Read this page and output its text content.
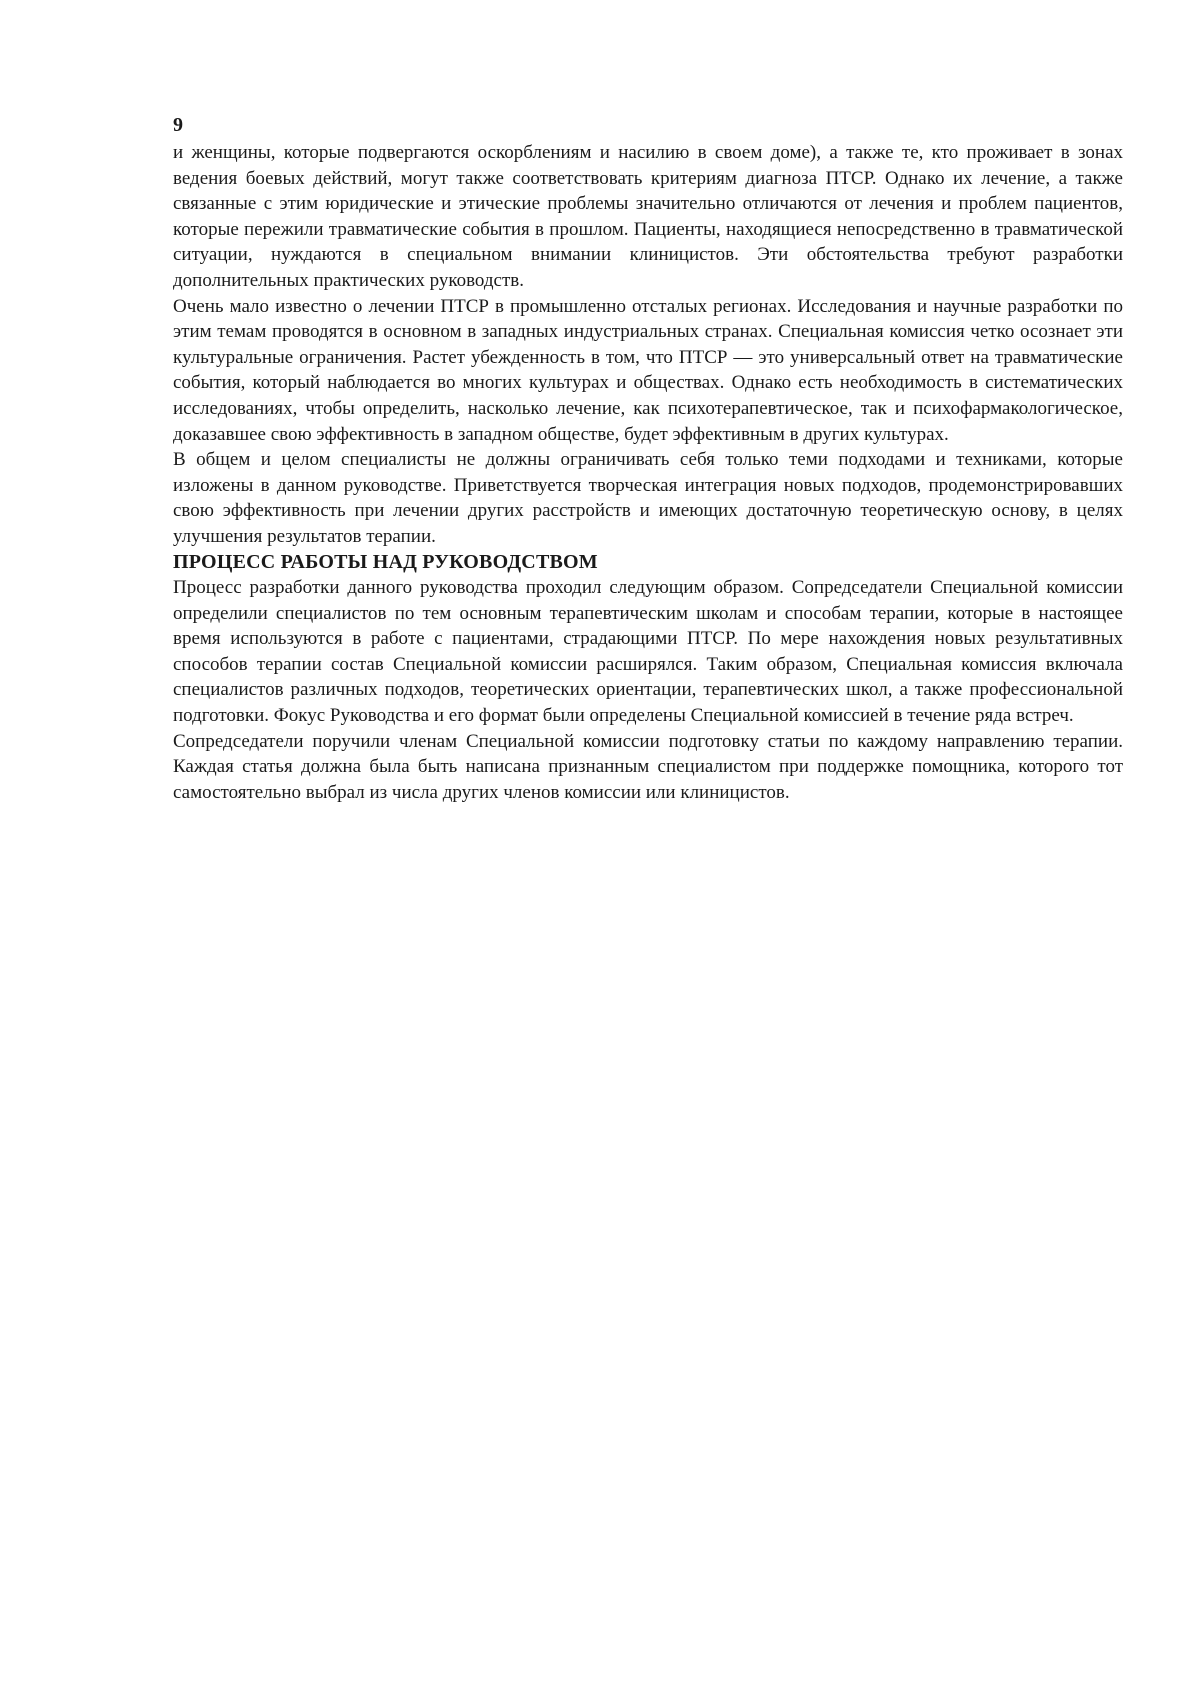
9

и женщины, которые подвергаются оскорблениям и насилию в своем доме), а также те, кто проживает в зонах ведения боевых действий, могут также соответствовать критериям диагноза ПТСР. Однако их лечение, а также связанные с этим юридические и этические проблемы значительно отличаются от лечения и проблем пациентов, которые пережили травматические события в прошлом. Пациенты, находящиеся непосредственно в травматической ситуации, нуждаются в специальном внимании клиницистов. Эти обстоятельства требуют разработки дополнительных практических руководств.

Очень мало известно о лечении ПТСР в промышленно отсталых регионах. Исследования и научные разработки по этим темам проводятся в основном в западных индустриальных странах. Специальная комиссия четко осознает эти культуральные ограничения. Растет убежденность в том, что ПТСР — это универсальный ответ на травматические события, который наблюдается во многих культурах и обществах. Однако есть необходимость в систематических исследованиях, чтобы определить, насколько лечение, как психотерапевтическое, так и психофармакологическое, доказавшее свою эффективность в западном обществе, будет эффективным в других культурах.

В общем и целом специалисты не должны ограничивать себя только теми подходами и техниками, которые изложены в данном руководстве. Приветствуется творческая интеграция новых подходов, продемонстрировавших свою эффективность при лечении других расстройств и имеющих достаточную теоретическую основу, в целях улучшения результатов терапии.

ПРОЦЕСС РАБОТЫ НАД РУКОВОДСТВОМ

Процесс разработки данного руководства проходил следующим образом. Сопредседатели Специальной комиссии определили специалистов по тем основным терапевтическим школам и способам терапии, которые в настоящее время используются в работе с пациентами, страдающими ПТСР. По мере нахождения новых результативных способов терапии состав Специальной комиссии расширялся. Таким образом, Специальная комиссия включала специалистов различных подходов, теоретических ориентации, терапевтических школ, а также профессиональной подготовки. Фокус Руководства и его формат были определены Специальной комиссией в течение ряда встреч.

Сопредседатели поручили членам Специальной комиссии подготовку статьи по каждому направлению терапии. Каждая статья должна была быть написана признанным специалистом при поддержке помощника, которого тот самостоятельно выбрал из числа других членов комиссии или клиницистов.
